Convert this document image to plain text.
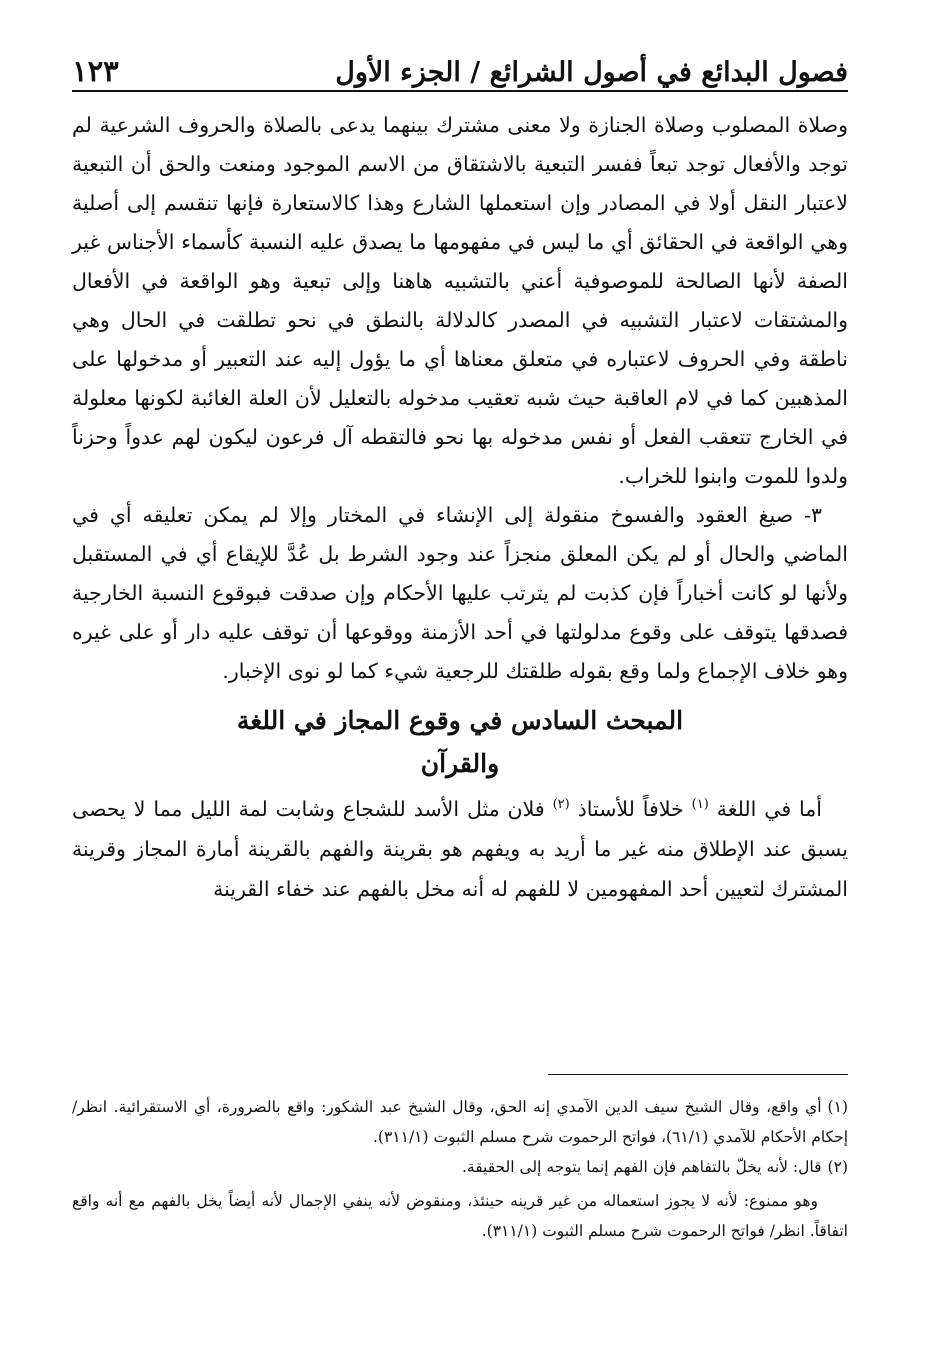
فصول البدائع في أصول الشرائع / الجزء الأول
١٢٣

وصلاة المصلوب وصلاة الجنازة ولا معنى مشترك بينهما يدعى بالصلاة والحروف الشرعية لم توجد والأفعال توجد تبعاً ففسر التبعية بالاشتقاق من الاسم الموجود ومنعت والحق أن التبعية لاعتبار النقل أولا في المصادر وإن استعملها الشارع وهذا كالاستعارة فإنها تنقسم إلى أصلية وهي الواقعة في الحقائق أي ما ليس في مفهومها ما يصدق عليه النسبة كأسماء الأجناس غير الصفة لأنها الصالحة للموصوفية أعني بالتشبيه هاهنا وإلى تبعية وهو الواقعة في الأفعال والمشتقات لاعتبار التشبيه في المصدر كالدلالة بالنطق في نحو تطلقت في الحال وهي ناطقة وفي الحروف لاعتباره في متعلق معناها أي ما يؤول إليه عند التعبير أو مدخولها على المذهبين كما في لام العاقبة حيث شبه تعقيب مدخوله بالتعليل لأن العلة الغائبة لكونها معلولة في الخارج تتعقب الفعل أو نفس مدخوله بها نحو فالتقطه آل فرعون ليكون لهم عدواً وحزناً ولدوا للموت وابنوا للخراب.

٣- صيغ العقود والفسوخ منقولة إلى الإنشاء في المختار وإلا لم يمكن تعليقه أي في الماضي والحال أو لم يكن المعلق منجزاً عند وجود الشرط بل عُدَّ للإيقاع أي في المستقبل ولأنها لو كانت أخباراً فإن كذبت لم يترتب عليها الأحكام وإن صدقت فبوقوع النسبة الخارجية فصدقها يتوقف على وقوع مدلولتها في أحد الأزمنة ووقوعها أن توقف عليه دار أو على غيره وهو خلاف الإجماع ولما وقع بقوله طلقتك للرجعية شيء كما لو نوى الإخبار.

المبحث السادس في وقوع المجاز في اللغة
والقرآن

أما في اللغة $^{(١)}$ خلافاً للأستاذ $^{(٢)}$ فلان مثل الأسد للشجاع وشابت لمة الليل مما لا يحصى يسبق عند الإطلاق منه غير ما أريد به ويفهم هو بقرينة والفهم بالقرينة أمارة المجاز وقرينة المشترك لتعيين أحد المفهومين لا للفهم له أنه مخل بالفهم عند خفاء القرينة

(١)أي واقع، وقال الشيخ سيف الدين الآمدي إنه الحق، وقال الشيخ عبد الشكور: واقع بالضرورة، أي الاستقرائية. انظر/ إحكام الأحكام للآمدي (٦١/١)، فواتح الرحموت شرح مسلم الثبوت (٣١١/١).

(٢)قال: لأنه يخلّ بالتفاهم فإن الفهم إنما يتوجه إلى الحقيقة.

وهو ممنوع: لأنه لا يجوز استعماله من غير قرينه حينئذ، ومنقوض لأنه ينفي الإجمال لأنه أيضاً يخل بالفهم مع أنه واقع اتفاقاً. انظر/ فواتح الرحموت شرح مسلم الثبوت (٣١١/١).
